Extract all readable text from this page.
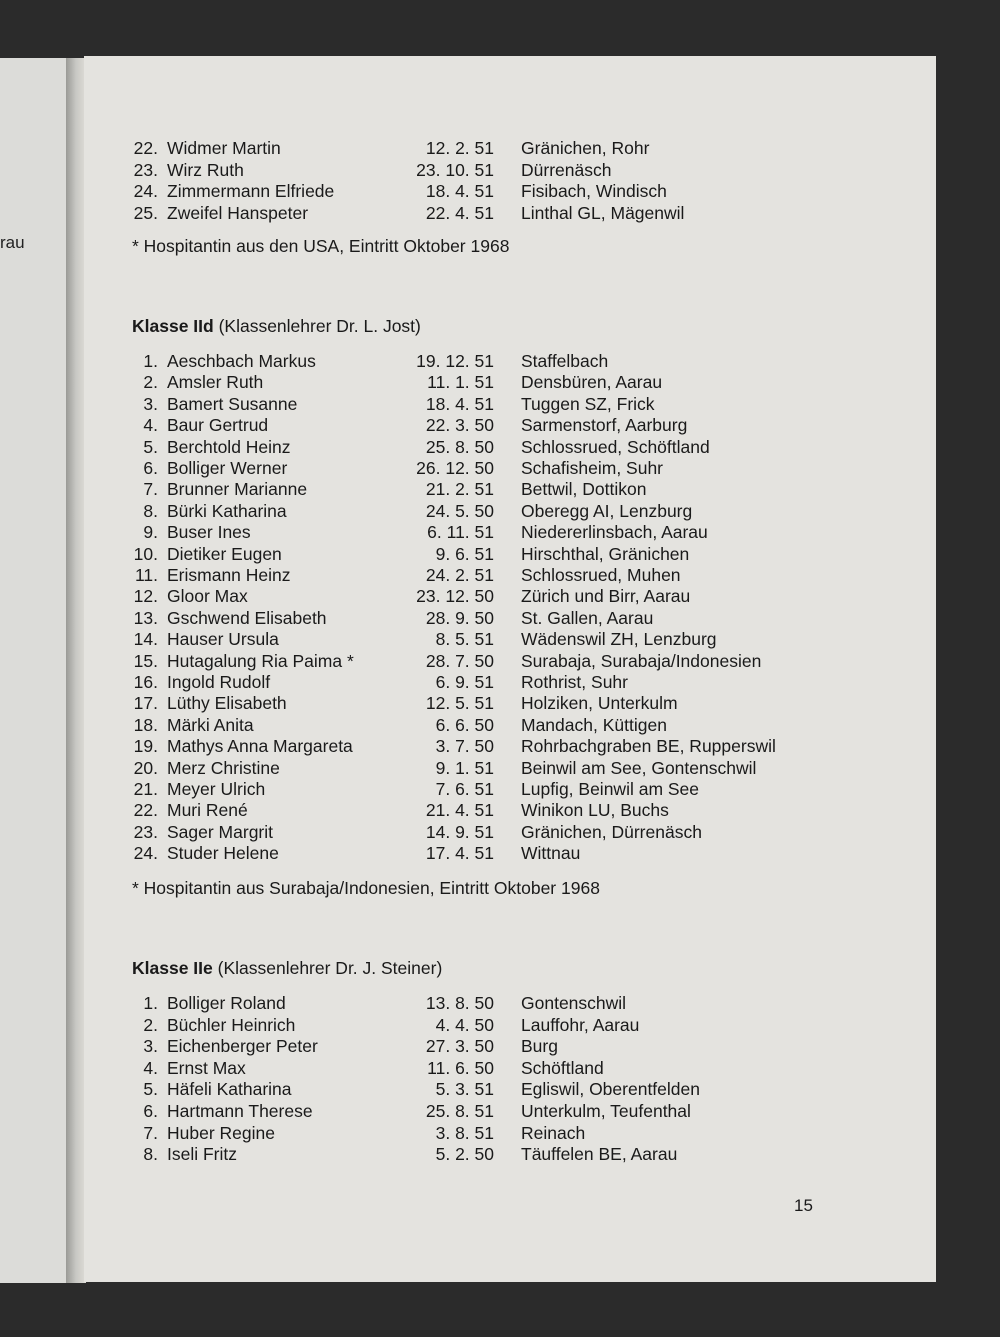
rau
22. Widmer Martin	12. 2. 51 Gränichen, Rohr
23. Wirz Ruth	23. 10. 51 Dürrenäsch
24. Zimmermann Elfriede	18. 4. 51 Fisibach, Windisch
25. Zweifel Hanspeter	22. 4. 51 Linthal GL, Mägenwil
* Hospitantin aus den USA, Eintritt Oktober 1968
Klasse IId (Klassenlehrer Dr. L. Jost)
1. Aeschbach Markus	19. 12. 51 Staffelbach
2. Amsler Ruth	11. 1. 51 Densbüren, Aarau
3. Bamert Susanne	18. 4. 51 Tuggen SZ, Frick
4. Baur Gertrud	22. 3. 50 Sarmenstorf, Aarburg
5. Berchtold Heinz	25. 8. 50 Schlossrued, Schöftland
6. Bolliger Werner	26. 12. 50 Schafisheim, Suhr
7. Brunner Marianne	21. 2. 51 Bettwil, Dottikon
8. Bürki Katharina	24. 5. 50 Oberegg AI, Lenzburg
9. Buser Ines	6. 11. 51 Niedererlinsbach, Aarau
10. Dietiker Eugen	9. 6. 51 Hirschthal, Gränichen
11. Erismann Heinz	24. 2. 51 Schlossrued, Muhen
12. Gloor Max	23. 12. 50 Zürich und Birr, Aarau
13. Gschwend Elisabeth	28. 9. 50 St. Gallen, Aarau
14. Hauser Ursula	8. 5. 51 Wädenswil ZH, Lenzburg
15. Hutagalung Ria Paima *	28. 7. 50 Surabaja, Surabaja/Indonesien
16. Ingold Rudolf	6. 9. 51 Rothrist, Suhr
17. Lüthy Elisabeth	12. 5. 51 Holziken, Unterkulm
18. Märki Anita	6. 6. 50 Mandach, Küttigen
19. Mathys Anna Margareta	3. 7. 50 Rohrbachgraben BE, Rupperswil
20. Merz Christine	9. 1. 51 Beinwil am See, Gontenschwil
21. Meyer Ulrich	7. 6. 51 Lupfig, Beinwil am See
22. Muri René	21. 4. 51 Winikon LU, Buchs
23. Sager Margrit	14. 9. 51 Gränichen, Dürrenäsch
24. Studer Helene	17. 4. 51 Wittnau
* Hospitantin aus Surabaja/Indonesien, Eintritt Oktober 1968
Klasse IIe (Klassenlehrer Dr. J. Steiner)
1. Bolliger Roland	13. 8. 50 Gontenschwil
2. Büchler Heinrich	4. 4. 50 Lauffohr, Aarau
3. Eichenberger Peter	27. 3. 50 Burg
4. Ernst Max	11. 6. 50 Schöftland
5. Häfeli Katharina	5. 3. 51 Egliswil, Oberentfelden
6. Hartmann Therese	25. 8. 51 Unterkulm, Teufenthal
7. Huber Regine	3. 8. 51 Reinach
8. Iseli Fritz	5. 2. 50 Täuffelen BE, Aarau
15
